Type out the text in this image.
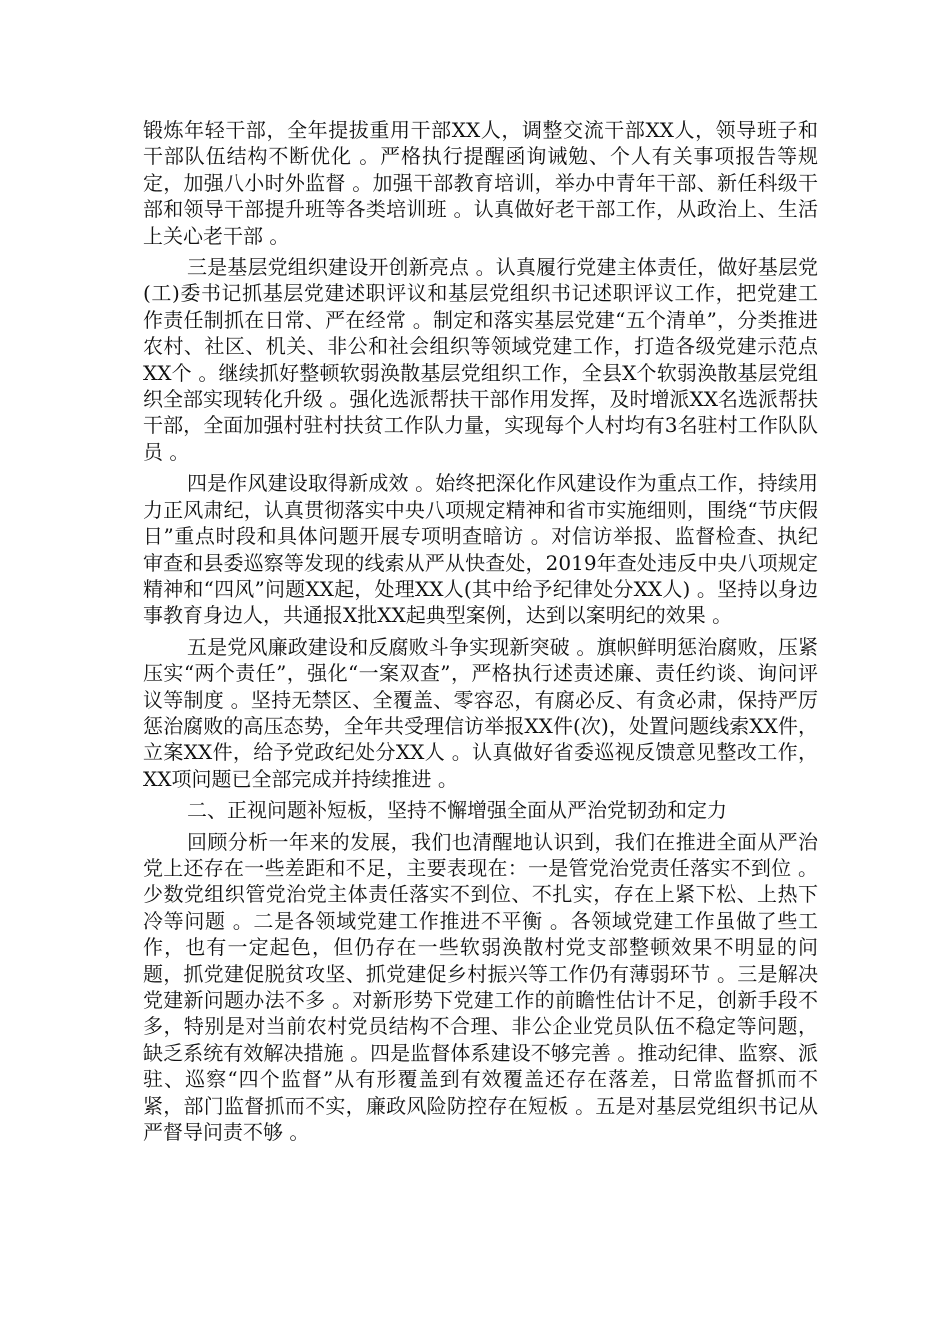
锻炼年轻干部，全年提拔重用干部XX人，调整交流干部XX人，领导班子和干部队伍结构不断优化 。严格执行提醒函询诫勉、个人有关事项报告等规定，加强八小时外监督 。加强干部教育培训，举办中青年干部、新任科级干部和领导干部提升班等各类培训班 。认真做好老干部工作，从政治上、生活上关心老干部 。

三是基层党组织建设开创新亮点 。认真履行党建主体责任，做好基层党(工)委书记抓基层党建述职评议和基层党组织书记述职评议工作，把党建工作责任制抓在日常、严在经常 。制定和落实基层党建“五个清单”，分类推进农村、社区、机关、非公和社会组织等领域党建工作，打造各级党建示范点XX个 。继续抓好整顿软弱涣散基层党组织工作，全县X个软弱涣散基层党组织全部实现转化升级 。强化选派帮扶干部作用发挥，及时增派XX名选派帮扶干部，全面加强村驻村扶贫工作队力量，实现每个人村均有3名驻村工作队队员 。

四是作风建设取得新成效 。始终把深化作风建设作为重点工作，持续用力正风肃纪，认真贯彻落实中央八项规定精神和省市实施细则，围绕“节庆假日”重点时段和具体问题开展专项明查暗访 。对信访举报、监督检查、执纪审查和县委巡察等发现的线索从严从快查处，2019年查处违反中央八项规定精神和“四风”问题XX起，处理XX人(其中给予纪律处分XX人) 。坚持以身边事教育身边人，共通报X批XX起典型案例，达到以案明纪的效果 。

五是党风廉政建设和反腐败斗争实现新突破 。旗帜鲜明惩治腐败，压紧压实“两个责任”，强化“一案双查”，严格执行述责述廉、责任约谈、询问评议等制度 。坚持无禁区、全覆盖、零容忍，有腐必反、有贪必肃，保持严厉惩治腐败的高压态势，全年共受理信访举报XX件(次)，处置问题线索XX件，立案XX件，给予党政纪处分XX人 。认真做好省委巡视反馈意见整改工作，XX项问题已全部完成并持续推进 。

二、正视问题补短板，坚持不懈增强全面从严治党韧劲和定力

回顾分析一年来的发展，我们也清醒地认识到，我们在推进全面从严治党上还存在一些差距和不足，主要表现在：一是管党治党责任落实不到位 。少数党组织管党治党主体责任落实不到位、不扎实，存在上紧下松、上热下冷等问题 。二是各领域党建工作推进不平衡 。各领域党建工作虽做了些工作，也有一定起色，但仍存在一些软弱涣散村党支部整顿效果不明显的问题，抓党建促脱贫攻坚、抓党建促乡村振兴等工作仍有薄弱环节 。三是解决党建新问题办法不多 。对新形势下党建工作的前瞻性估计不足，创新手段不多，特别是对当前农村党员结构不合理、非公企业党员队伍不稳定等问题，缺乏系统有效解决措施 。四是监督体系建设不够完善 。推动纪律、监察、派驻、巡察“四个监督”从有形覆盖到有效覆盖还存在落差，日常监督抓而不紧，部门监督抓而不实，廉政风险防控存在短板 。五是对基层党组织书记从严督导问责不够 。
